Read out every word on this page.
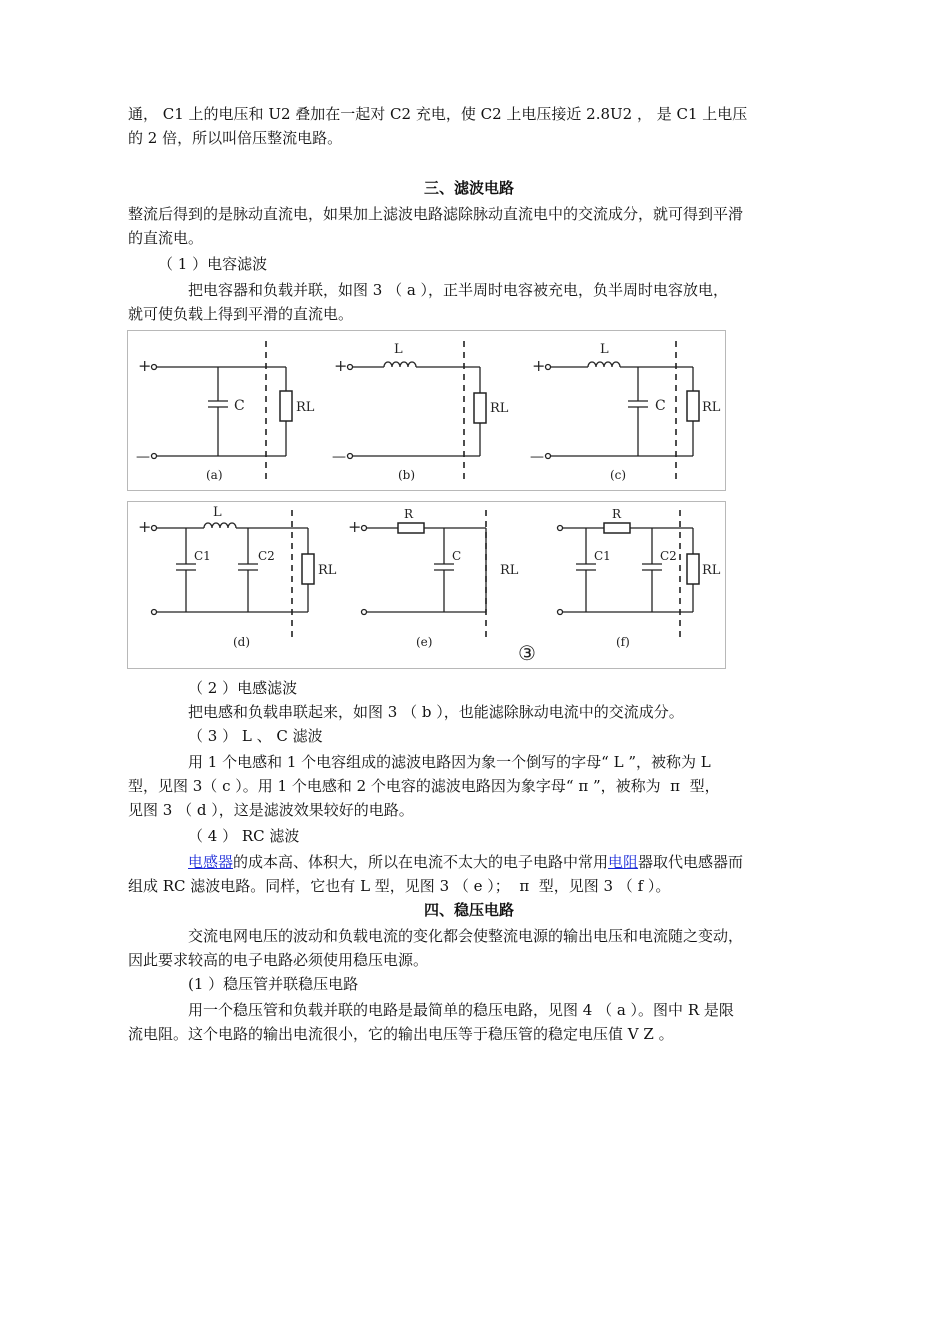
通， C1 上的电压和 U2 叠加在一起对 C2 充电，使 C2 上电压接近 2.8U2 ， 是 C1 上电压
的 2 倍，所以叫倍压整流电路。
三、滤波电路
整流后得到的是脉动直流电，如果加上滤波电路滤除脉动直流电中的交流成分，就可得到平滑
的直流电。
（ 1 ）电容滤波
把电容器和负载并联，如图 3 （ a ），正半周时电容被充电，负半周时电容放电，
就可使负载上得到平滑的直流电。
+
—
C	RL
(a)
+
—
L
RL
(b)
+
—
L
C	RL
(c)
+
L
C1	C2
RL
(d)
+
R
C
RL
(e)	③
R
C1	C2
RL
(f)
（ 2 ）电感滤波
把电感和负载串联起来，如图 3 （ b ），也能滤除脉动电流中的交流成分。
（ 3 ） L 、 C 滤波
用 1 个电感和 1 个电容组成的滤波电路因为象一个倒写的字母“ L ”，被称为 L
型，见图 3（ c ）。用 1 个电感和 2 个电容的滤波电路因为象字母“ π ”，被称为  π  型，
见图 3 （ d ），这是滤波效果较好的电路。
（ 4 ） RC 滤波
电感器的成本高、体积大，所以在电流不太大的电子电路中常用电阻器取代电感器而
组成 RC 滤波电路。同样，它也有 L 型，见图 3 （ e ）；  π  型，见图 3 （ f ）。
四、稳压电路
交流电网电压的波动和负载电流的变化都会使整流电源的输出电压和电流随之变动，
因此要求较高的电子电路必须使用稳压电源。
(1 ）稳压管并联稳压电路
用一个稳压管和负载并联的电路是最简单的稳压电路，见图 4 （ a ）。图中 R 是限
流电阻。这个电路的输出电流很小，它的输出电压等于稳压管的稳定电压值 V Z 。
